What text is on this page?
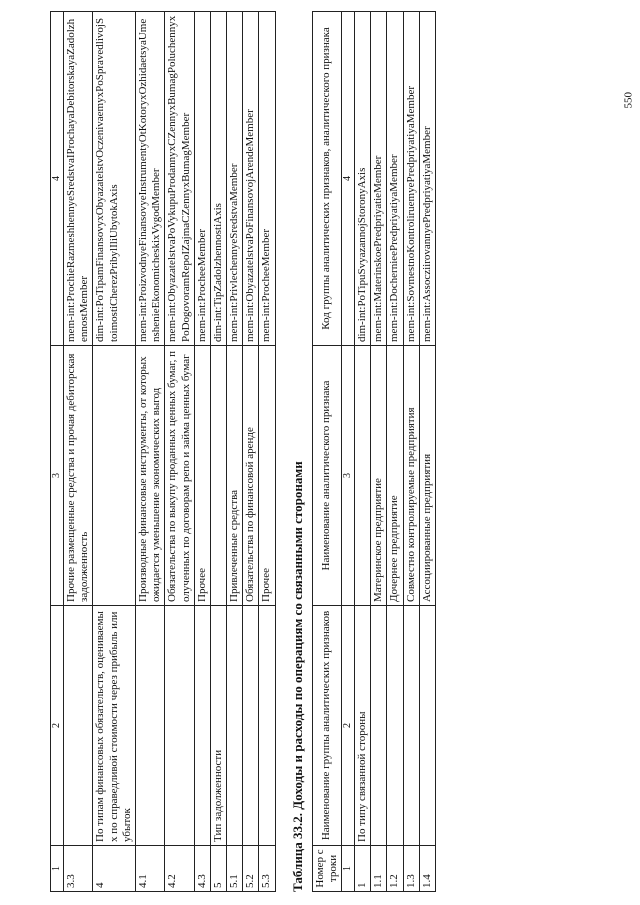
550
1	2	3	4
3.3		Прочие размещенные средства и прочая дебиторская задолженность	mem-int:ProchieRazmeshhennyeSredstvaIProchayaDebitorskayaZadolzhennostMember
4	По типам финансовых обязательств, оцениваемых по справедливой стоимости через прибыль или убыток		dim-int:PoTipamFinansovyxObyazatelstvOczenivaemyxPoSpravedlivojStoimostiCherezPribylIliUbytokAxis
4.1		Производные финансовые инструменты, от которых ожидается уменьшение экономических выгод	mem-int:ProizvodnyeFinansovyeInstrumentyOtKotoryxOzhidaetsyaUmenshenieEkonomicheskixVygodMember
4.2		Обязательства по выкупу проданных ценных бумаг, полученных по договорам репо и займа ценных бумаг	mem-int:ObyazatelstvaPoVykupuProdannyxCZennyxBumagPoluchennyxPoDogovoramRepoIZajmaCZennyxBumagMember
4.3		Прочее	mem-int:ProcheeMember
5	Тип задолженности		dim-int:TipZadolzhennostiAxis
5.1		Привлеченные средства	mem-int:PrivlechennyeSredstvaMember
5.2		Обязательства по финансовой аренде	mem-int:ObyazatelstvaPoFinansovojArendeMember
5.3		Прочее	mem-int:ProcheeMember
Таблица 33.2. Доходы и расходы по операциям со связанными сторонами Номер строки	Наименование группы аналитических признаков	Наименование аналитического признака	Код группы аналитических признаков, аналитического признака
1	2	3	4
1	По типу связанной стороны		dim-int:PoTipuSvyazannojStoronyAxis
1.1		Материнское предприятие	mem-int:MaterinskoePredpriyatieMember
1.2		Дочернее предприятие	mem-int:DochernieePredpriyatiyaMember
1.3		Совместно контролируемые предприятия	mem-int:SovmestnoKontroliruemyePredpriyatiyaMember
1.4		Ассоциированные предприятия	mem-int:AssocziirovannyePredpriyatiyaMember
